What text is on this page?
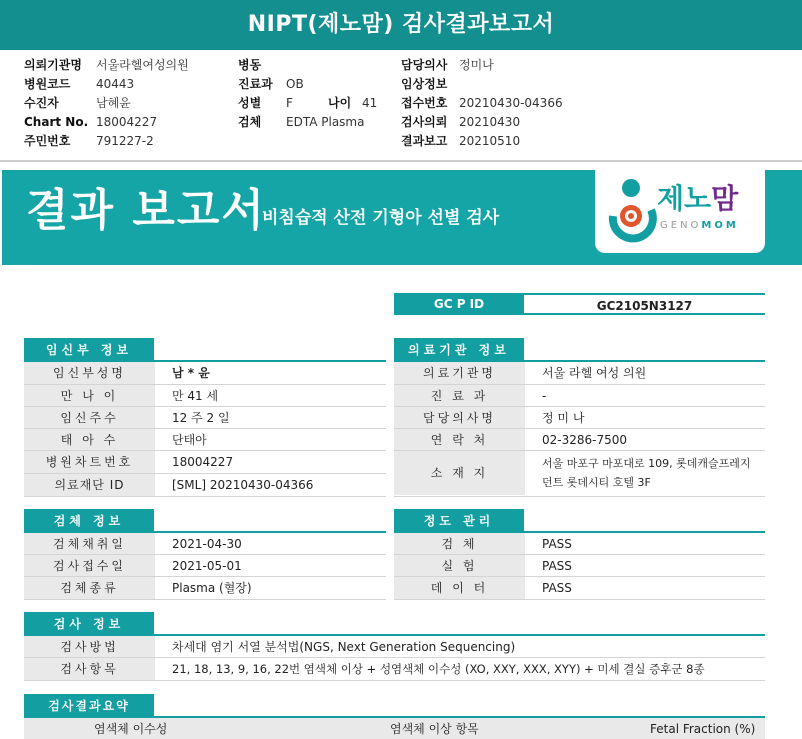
NIPT(제노맘) 검사결과보고서
의뢰기관명 서울라헬여성의원
병원코드 40443
수진자	남혜윤
Chart No. 18004227
주민번호 791227-2
병동
진료과 OB
성별 F	나이 41
검체 EDTA Plasma
담당의사 정미나
임상정보
접수번호 20210430-04366
검사의뢰 20210430
결과보고 20210510
결과 보고서
비침습적 산전 기형아 선별 검사
제노맘
GENOMOM
GC P ID	GC2105N3127
임신부 정보
임신부성명	남 * 윤
만 나 이	만 41 세
임신주수	12 주 2 일
태 아 수	단태아
병원차트번호	18004227
의료재단 ID	[SML] 20210430-04366
의료기관 정보
의료기관명	서울 라헬 여성 의원
진 료 과	-
담당의사명	정 미 나
연 락 처	02-3286-7500
소 재 지
서울 마포구 마포대로 109, 롯데캐슬프레지
던트 롯데시티 호텔 3F
검체 정보
검체채취일	2021-04-30
검사접수일	2021-05-01
검체종류	Plasma (혈장)
정도 관리
검 체	PASS
실 험	PASS
데 이 터	PASS
검사 정보
검사방법	차세대 염기 서열 분석법(NGS, Next Generation Sequencing)
검사항목	21, 18, 13, 9, 16, 22번 염색체 이상 + 성염색체 이수성 (XO, XXY, XXX, XYY) + 미세 결실 증후군 8종
검사결과요약
염색체 이수성	염색체 이상 항목	Fetal Fraction (%)
